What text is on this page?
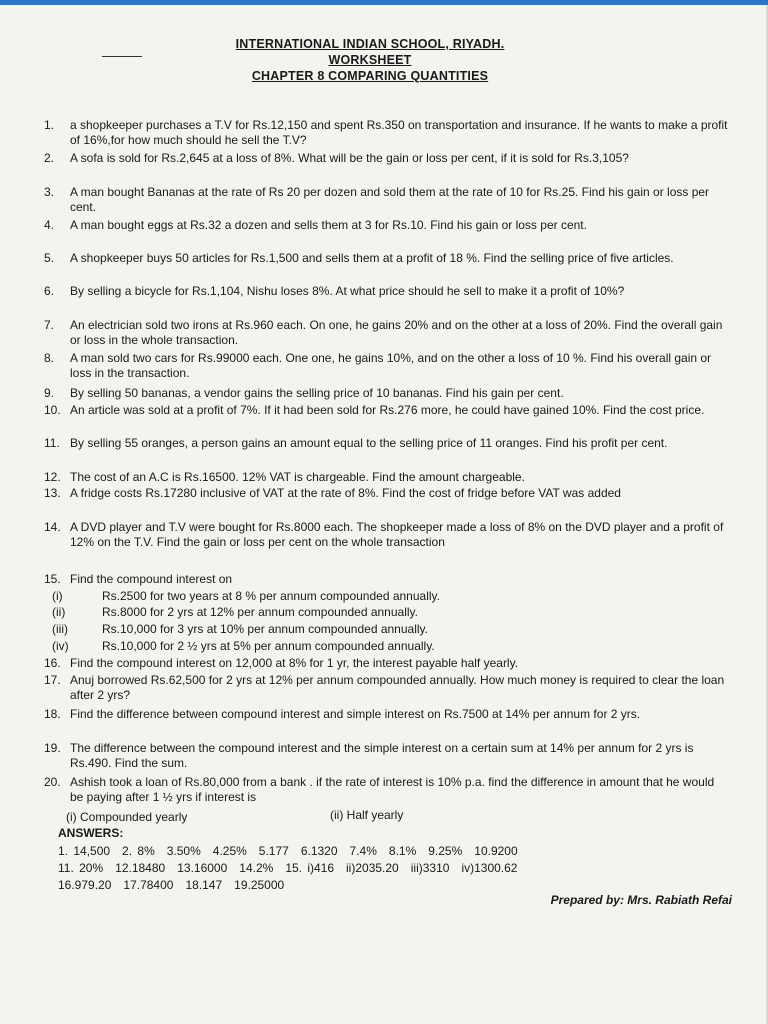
INTERNATIONAL INDIAN SCHOOL, RIYADH.
WORKSHEET
CHAPTER 8 COMPARING QUANTITIES
1.	a shopkeeper purchases a T.V for Rs.12,150 and spent Rs.350 on transportation and insurance. If he wants to make a profit of 16%,for how much should he sell the T.V?
2.	A sofa is sold for Rs.2,645 at a loss of 8%. What will be the gain or loss per cent, if it is sold for Rs.3,105?
3.	A man bought Bananas at the rate of Rs 20 per dozen and sold them at the rate of 10 for Rs.25. Find his gain or loss per cent.
4.	A man bought eggs at Rs.32 a dozen and sells them at 3 for Rs.10. Find his gain or loss per cent.
5.	A shopkeeper buys 50 articles for Rs.1,500 and sells them at a profit of 18 %. Find the selling price of five articles.
6.	By selling a bicycle for Rs.1,104, Nishu loses 8%. At what price should he sell to make it a profit of 10%?
7.	An electrician sold two irons at Rs.960 each. On one, he gains 20% and on the other at a loss of 20%. Find the overall gain or loss in the whole transaction.
8.	A man sold two cars for Rs.99000 each. One one, he gains 10%, and on the other a loss of 10 %. Find his overall gain or loss in the transaction.
9.	By selling 50 bananas, a vendor gains the selling price of 10 bananas. Find his gain per cent.
10. An article was sold at a profit of 7%. If it had been sold for Rs.276 more, he could have gained 10%. Find the cost price.
11. By selling 55 oranges, a person gains an amount equal to the selling price of 11 oranges. Find his profit per cent.
12. The cost of an A.C is Rs.16500. 12% VAT is chargeable. Find the amount chargeable.
13. A fridge costs Rs.17280 inclusive of VAT at the rate of 8%. Find the cost of fridge before VAT was added
14. A DVD player and T.V were bought for Rs.8000 each. The shopkeeper made a loss of 8% on the DVD player and a profit of 12% on the T.V. Find the gain or loss per cent on the whole transaction
15. Find the compound interest on
(i)	Rs.2500 for two years at 8 % per annum compounded annually.
(ii)	Rs.8000 for 2 yrs at 12% per annum compounded annually.
(iii)	Rs.10,000 for 3 yrs at 10% per annum compounded annually.
(iv)	Rs.10,000 for 2 ½ yrs at 5% per annum compounded annually.
16. Find the compound interest on 12,000 at 8% for 1 yr, the interest payable half yearly.
17. Anuj borrowed Rs.62,500 for 2 yrs at 12% per annum compounded annually. How much money is required to clear the loan after 2 yrs?
18. Find the difference between compound interest and simple interest on Rs.7500 at 14% per annum for 2 yrs.
19. The difference between the compound interest and the simple interest on a certain sum at 14% per annum for 2 yrs is Rs.490. Find the sum.
20. Ashish took a loan of Rs.80,000 from a bank . if the rate of interest is 10% p.a. find the difference in amount that he would be paying after 1 ½ yrs if interest is
(i) Compounded yearly	(ii) Half yearly
ANSWERS:
1. 14,500 2. 8% 3.50% 4.25% 5.177 6.1320 7.4% 8.1% 9.25% 10.9200
11. 20% 12.18480 13.16000 14.2% 15. i)416 ii)2035.20 iii)3310 iv)1300.62
16.979.20 17.78400 18.147 19.25000
Prepared by: Mrs. Rabiath Refai
